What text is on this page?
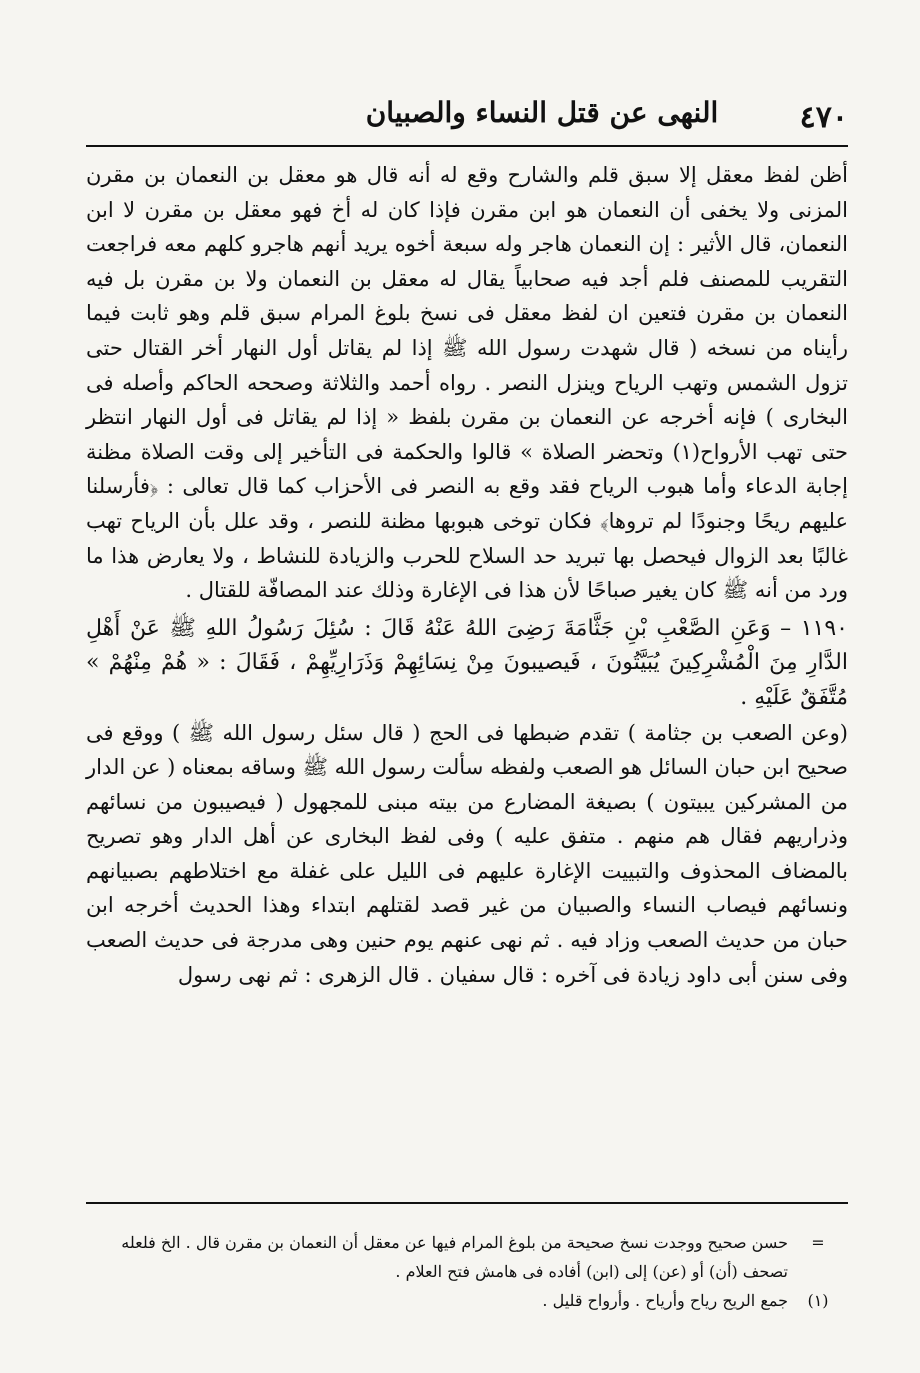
٤٧٠
النهى عن قتل النساء والصبيان

أظن لفظ معقل إلا سبق قلم والشارح وقع له أنه قال هو معقل بن النعمان بن مقرن المزنى ولا يخفى أن النعمان هو ابن مقرن فإذا كان له أخ فهو معقل بن مقرن لا ابن النعمان، قال الأثير : إن النعمان هاجر وله سبعة أخوه يريد أنهم هاجرو كلهم معه فراجعت التقريب للمصنف فلم أجد فيه صحابياً يقال له معقل بن النعمان ولا بن مقرن بل فيه النعمان بن مقرن فتعين ان لفظ معقل فى نسخ بلوغ المرام سبق قلم وهو ثابت فيما رأيناه من نسخه ( قال شهدت رسول الله ﷺ إذا لم يقاتل أول النهار أخر القتال حتى تزول الشمس وتهب الرياح وينزل النصر . رواه أحمد والثلاثة وصححه الحاكم وأصله فى البخارى ) فإنه أخرجه عن النعمان بن مقرن بلفظ « إذا لم يقاتل فى أول النهار انتظر حتى تهب الأرواح(١) وتحضر الصلاة » قالوا والحكمة فى التأخير إلى وقت الصلاة مظنة إجابة الدعاء وأما هبوب الرياح فقد وقع به النصر فى الأحزاب كما قال تعالى : ﴿فأرسلنا عليهم ريحًا وجنودًا لم تروها﴾ فكان توخى هبوبها مظنة للنصر ، وقد علل بأن الرياح تهب غالبًا بعد الزوال فيحصل بها تبريد حد السلاح للحرب والزيادة للنشاط ، ولا يعارض هذا ما ورد من أنه ﷺ كان يغير صباحًا لأن هذا فى الإغارة وذلك عند المصافّة للقتال .

١١٩٠ – وَعَنِ الصَّعْبِ بْنِ جَثَّامَةَ رَضِىَ اللهُ عَنْهُ قَالَ : سُئِلَ رَسُولُ اللهِ ﷺ عَنْ أَهْلِ الدَّارِ مِنَ الْمُشْرِكِينَ يُبَيَّتُونَ ، فَيصيبونَ مِنْ نِسَائِهِمْ وَذَرَارِيِّهِمْ ، فَقَالَ : « هُمْ مِنْهُمْ » مُتَّفَقٌ عَلَيْهِ .

(وعن الصعب بن جثامة ) تقدم ضبطها فى الحج ( قال سئل رسول الله ﷺ ) ووقع فى صحيح ابن حبان السائل هو الصعب ولفظه سألت رسول الله ﷺ وساقه بمعناه ( عن الدار من المشركين يبيتون ) بصيغة المضارع من بيته مبنى للمجهول ( فيصيبون من نسائهم وذراريهم فقال هم منهم . متفق عليه ) وفى لفظ البخارى عن أهل الدار وهو تصريح بالمضاف المحذوف والتبييت الإغارة عليهم فى الليل على غفلة مع اختلاطهم بصبيانهم ونسائهم فيصاب النساء والصبيان من غير قصد لقتلهم ابتداء وهذا الحديث أخرجه ابن حبان من حديث الصعب وزاد فيه . ثم نهى عنهم يوم حنين وهى مدرجة فى حديث الصعب وفى سنن أبى داود زيادة فى آخره : قال سفيان . قال الزهرى : ثم نهى رسول

=
حسن صحيح ووجدت نسخ صحيحة من بلوغ المرام فيها عن معقل أن النعمان بن مقرن قال . الخ فلعله تصحف (أن) أو (عن) إلى (ابن) أفاده فى هامش فتح العلام .
(١)
جمع الريح رياح وأرياح . وأرواح قليل .
